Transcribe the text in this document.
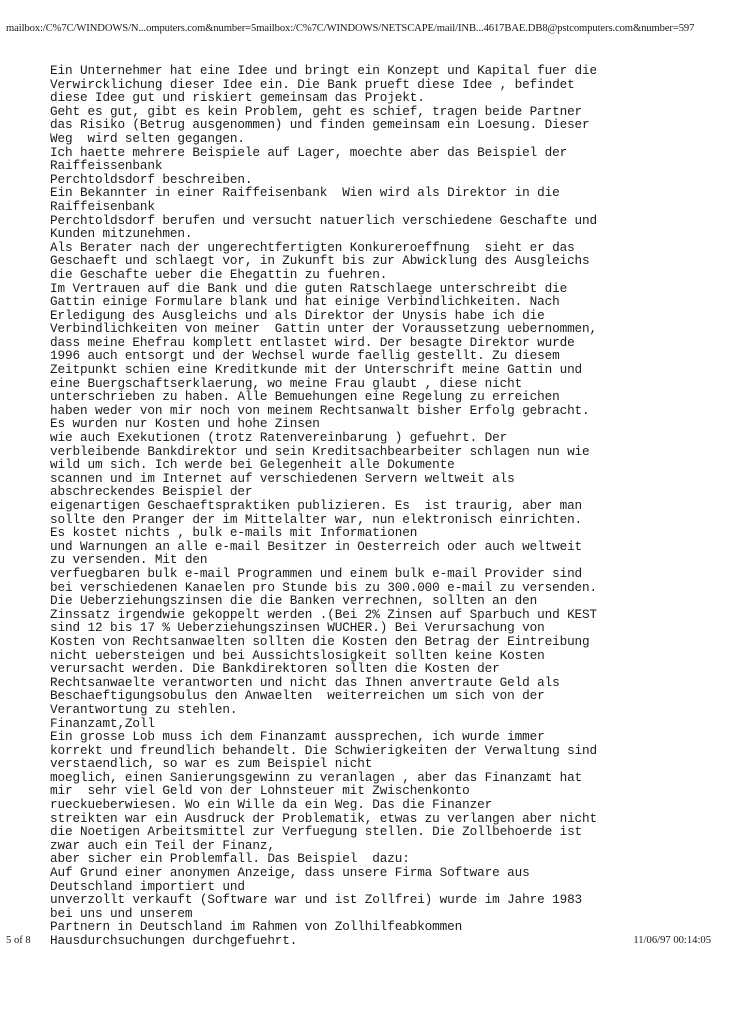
mailbox:/C%7C/WINDOWS/N...omputers.com&number=5mailbox:/C%7C/WINDOWS/NETSCAPE/mail/INB...4617BAE.DB8@pstcomputers.com&number=597
Ein Unternehmer hat eine Idee und bringt ein Konzept und Kapital fuer die
Verwircklichung dieser Idee ein. Die Bank prueft diese Idee , befindet
diese Idee gut und riskiert gemeinsam das Projekt.
Geht es gut, gibt es kein Problem, geht es schief, tragen beide Partner
das Risiko (Betrug ausgenommen) und finden gemeinsam ein Loesung. Dieser
Weg  wird selten gegangen.
Ich haette mehrere Beispiele auf Lager, moechte aber das Beispiel der
Raiffeissenbank
Perchtoldsdorf beschreiben.
Ein Bekannter in einer Raiffeisenbank  Wien wird als Direktor in die
Raiffeisenbank
Perchtoldsdorf berufen und versucht natuerlich verschiedene Geschafte und
Kunden mitzunehmen.
Als Berater nach der ungerechtfertigten Konkureroeffnung  sieht er das
Geschaeft und schlaegt vor, in Zukunft bis zur Abwicklung des Ausgleichs
die Geschafte ueber die Ehegattin zu fuehren.
Im Vertrauen auf die Bank und die guten Ratschlaege unterschreibt die
Gattin einige Formulare blank und hat einige Verbindlichkeiten. Nach
Erledigung des Ausgleichs und als Direktor der Unysis habe ich die
Verbindlichkeiten von meiner  Gattin unter der Voraussetzung uebernommen,
dass meine Ehefrau komplett entlastet wird. Der besagte Direktor wurde
1996 auch entsorgt und der Wechsel wurde faellig gestellt. Zu diesem
Zeitpunkt schien eine Kreditkunde mit der Unterschrift meine Gattin und
eine Buergschaftserklaerung, wo meine Frau glaubt , diese nicht
unterschrieben zu haben. Alle Bemuehungen eine Regelung zu erreichen
haben weder von mir noch von meinem Rechtsanwalt bisher Erfolg gebracht.
Es wurden nur Kosten und hohe Zinsen
wie auch Exekutionen (trotz Ratenvereinbarung ) gefuehrt. Der
verbleibende Bankdirektor und sein Kreditsachbearbeiter schlagen nun wie
wild um sich. Ich werde bei Gelegenheit alle Dokumente
scannen und im Internet auf verschiedenen Servern weltweit als
abschreckendes Beispiel der
eigenartigen Geschaeftspraktiken publizieren. Es  ist traurig, aber man
sollte den Pranger der im Mittelalter war, nun elektronisch einrichten.
Es kostet nichts , bulk e-mails mit Informationen
und Warnungen an alle e-mail Besitzer in Oesterreich oder auch weltweit
zu versenden. Mit den
verfuegbaren bulk e-mail Programmen und einem bulk e-mail Provider sind
bei verschiedenen Kanaelen pro Stunde bis zu 300.000 e-mail zu versenden.
Die Ueberziehungszinsen die die Banken verrechnen, sollten an den
Zinssatz irgendwie gekoppelt werden .(Bei 2% Zinsen auf Sparbuch und KEST
sind 12 bis 17 % Ueberziehungszinsen WUCHER.) Bei Verursachung von
Kosten von Rechtsanwaelten sollten die Kosten den Betrag der Eintreibung
nicht uebersteigen und bei Aussichtslosigkeit sollten keine Kosten
verursacht werden. Die Bankdirektoren sollten die Kosten der
Rechtsanwaelte verantworten und nicht das Ihnen anvertraute Geld als
Beschaeftigungsobulus den Anwaelten  weiterreichen um sich von der
Verantwortung zu stehlen.
Finanzamt,Zoll
Ein grosse Lob muss ich dem Finanzamt aussprechen, ich wurde immer
korrekt und freundlich behandelt. Die Schwierigkeiten der Verwaltung sind
verstaendlich, so war es zum Beispiel nicht
moeglich, einen Sanierungsgewinn zu veranlagen , aber das Finanzamt hat
mir  sehr viel Geld von der Lohnsteuer mit Zwischenkonto
rueckueberwiesen. Wo ein Wille da ein Weg. Das die Finanzer
streikten war ein Ausdruck der Problematik, etwas zu verlangen aber nicht
die Noetigen Arbeitsmittel zur Verfuegung stellen. Die Zollbehoerde ist
zwar auch ein Teil der Finanz,
aber sicher ein Problemfall. Das Beispiel  dazu:
Auf Grund einer anonymen Anzeige, dass unsere Firma Software aus
Deutschland importiert und
unverzollt verkauft (Software war und ist Zollfrei) wurde im Jahre 1983
bei uns und unserem
Partnern in Deutschland im Rahmen von Zollhilfeabkommen
Hausdurchsuchungen durchgefuehrt.
5 of 8	11/06/97 00:14:05
